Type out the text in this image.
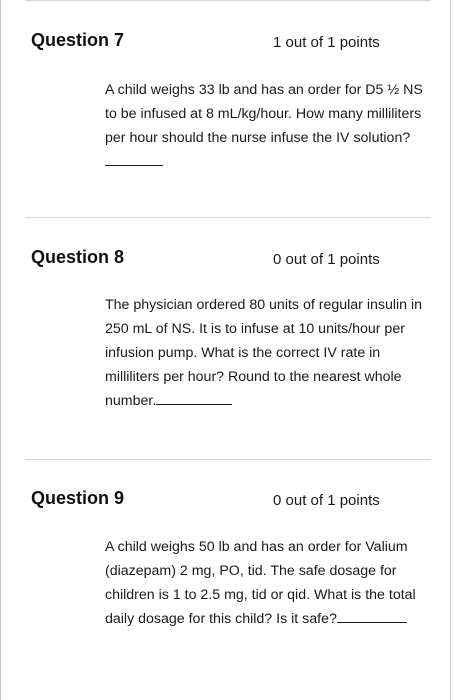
Question 7	1 out of 1 points
A child weighs 33 lb and has an order for D5 ½ NS to be infused at 8 mL/kg/hour. How many milliliters per hour should the nurse infuse the IV solution?
Question 8	0 out of 1 points
The physician ordered 80 units of regular insulin in 250 mL of NS. It is to infuse at 10 units/hour per infusion pump. What is the correct IV rate in milliliters per hour? Round to the nearest whole number.
Question 9	0 out of 1 points
A child weighs 50 lb and has an order for Valium (diazepam) 2 mg, PO, tid. The safe dosage for children is 1 to 2.5 mg, tid or qid. What is the total daily dosage for this child? Is it safe?
